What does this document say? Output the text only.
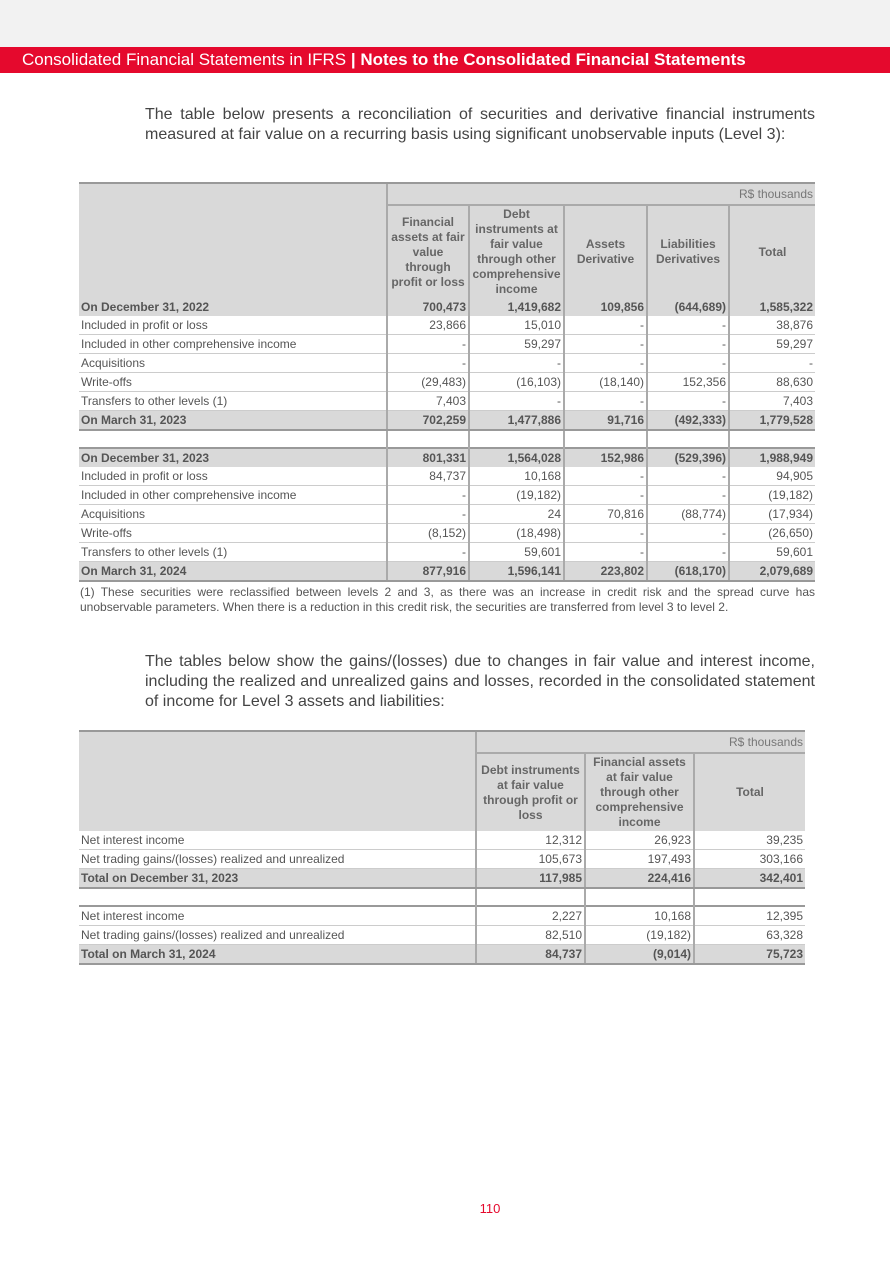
Consolidated Financial Statements in IFRS | Notes to the Consolidated Financial Statements

The table below presents a reconciliation of securities and derivative financial instruments measured at fair value on a recurring basis using significant unobservable inputs (Level 3):

	R$ thousands				
	Financial assets at fair value through profit or loss	Debt instruments at fair value through other comprehensive income	Assets Derivative	Liabilities Derivatives	Total
On December 31, 2022	700,473	1,419,682	109,856	(644,689)	1,585,322
Included in profit or loss	23,866	15,010	-	-	38,876
Included in other comprehensive income	-	59,297	-	-	59,297
Acquisitions	-	-	-	-	-
Write-offs	(29,483)	(16,103)	(18,140)	152,356	88,630
Transfers to other levels (1)	7,403	-	-	-	7,403
On March 31, 2023	702,259	1,477,886	91,716	(492,333)	1,779,528

On December 31, 2023	801,331	1,564,028	152,986	(529,396)	1,988,949
Included in profit or loss	84,737	10,168	-	-	94,905
Included in other comprehensive income	-	(19,182)	-	-	(19,182)
Acquisitions	-	24	70,816	(88,774)	(17,934)
Write-offs	(8,152)	(18,498)	-	-	(26,650)
Transfers to other levels (1)	-	59,601	-	-	59,601
On March 31, 2024	877,916	1,596,141	223,802	(618,170)	2,079,689

(1) These securities were reclassified between levels 2 and 3, as there was an increase in credit risk and the spread curve has unobservable parameters. When there is a reduction in this credit risk, the securities are transferred from level 3 to level 2.

The tables below show the gains/(losses) due to changes in fair value and interest income, including the realized and unrealized gains and losses, recorded in the consolidated statement of income for Level 3 assets and liabilities:

	R$ thousands		
	Debt instruments at fair value through profit or loss	Financial assets at fair value through other comprehensive income	Total
Net interest income	12,312	26,923	39,235
Net trading gains/(losses) realized and unrealized	105,673	197,493	303,166
Total on December 31, 2023	117,985	224,416	342,401

Net interest income	2,227	10,168	12,395
Net trading gains/(losses) realized and unrealized	82,510	(19,182)	63,328
Total on March 31, 2024	84,737	(9,014)	75,723
110
